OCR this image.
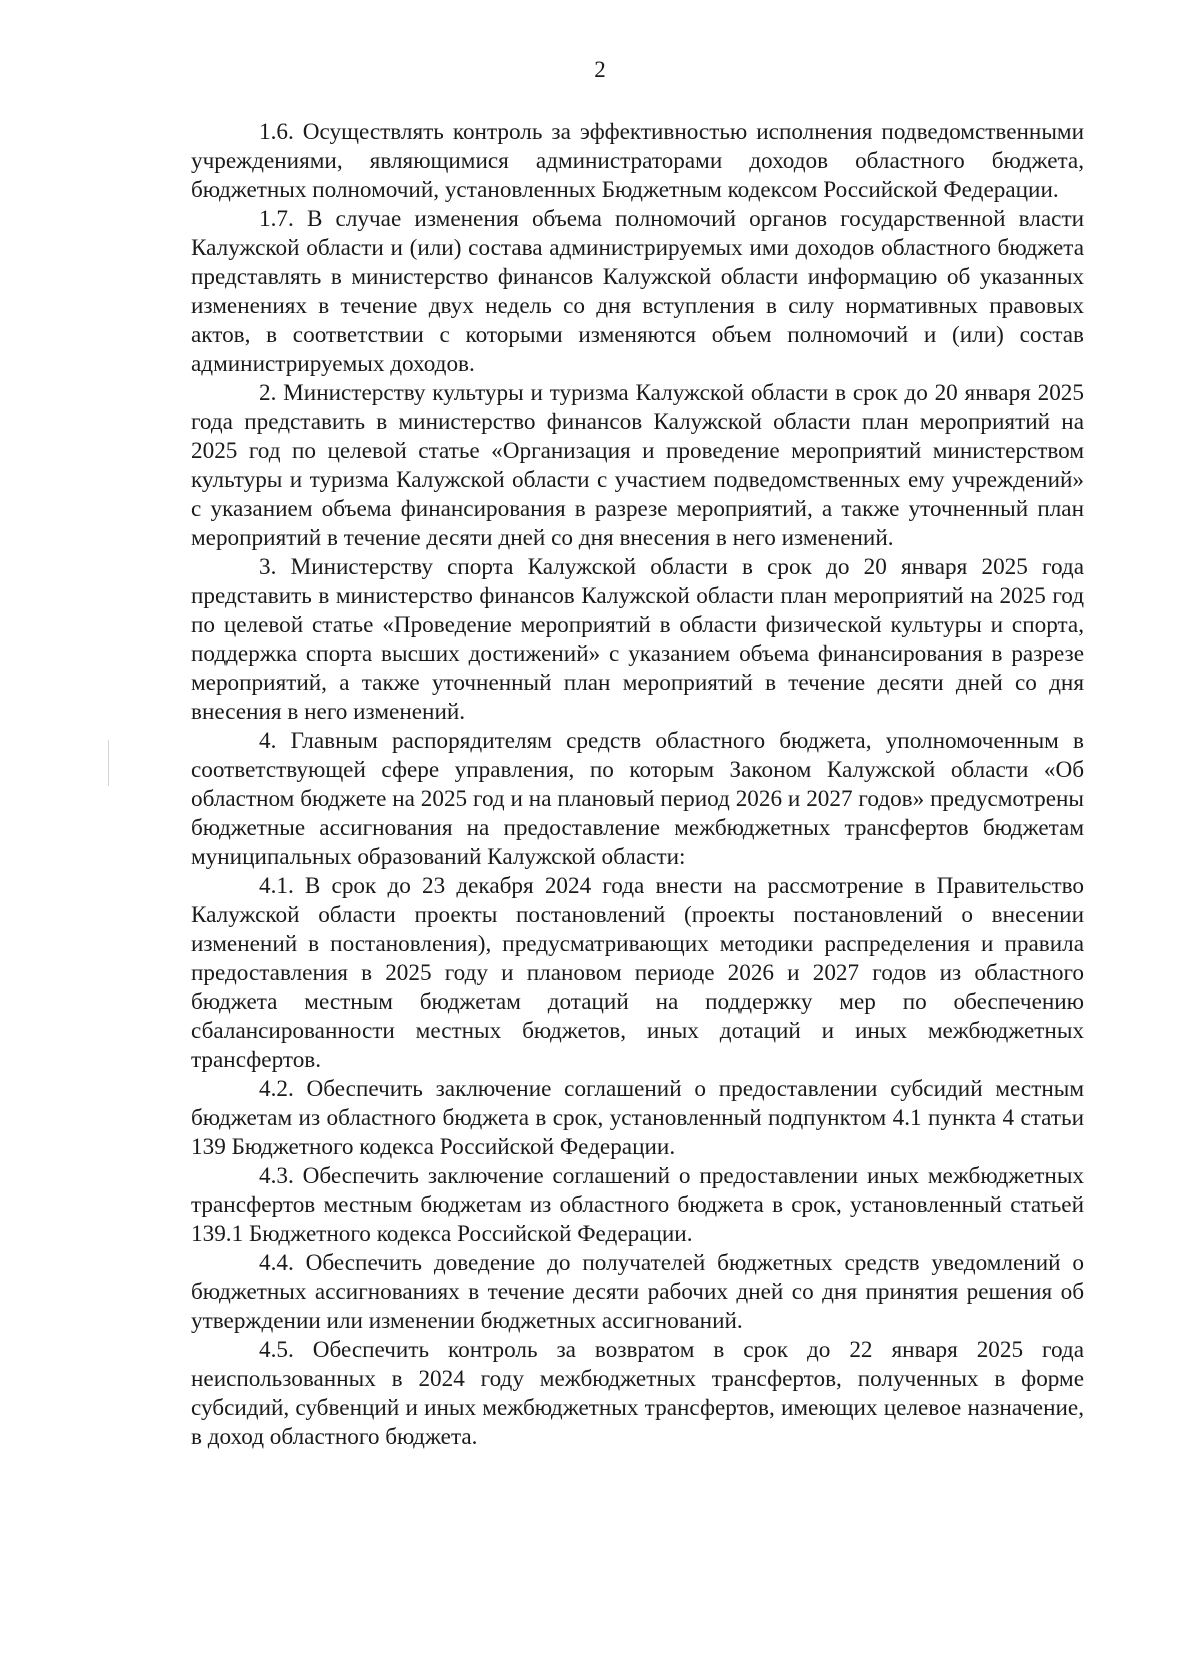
2

1.6. Осуществлять контроль за эффективностью исполнения подведомственными учреждениями, являющимися администраторами доходов областного бюджета, бюджетных полномочий, установленных Бюджетным кодексом Российской Федерации.

1.7. В случае изменения объема полномочий органов государственной власти Калужской области и (или) состава администрируемых ими доходов областного бюджета представлять в министерство финансов Калужской области информацию об указанных изменениях в течение двух недель со дня вступления в силу нормативных правовых актов, в соответствии с которыми изменяются объем полномочий и (или) состав администрируемых доходов.

2. Министерству культуры и туризма Калужской области в срок до 20 января 2025 года представить в министерство финансов Калужской области план мероприятий на 2025 год по целевой статье «Организация и проведение мероприятий министерством культуры и туризма Калужской области с участием подведомственных ему учреждений» с указанием объема финансирования в разрезе мероприятий, а также уточненный план мероприятий в течение десяти дней со дня внесения в него изменений.

3. Министерству спорта Калужской области в срок до 20 января 2025 года представить в министерство финансов Калужской области план мероприятий на 2025 год по целевой статье «Проведение мероприятий в области физической культуры и спорта, поддержка спорта высших достижений» с указанием объема финансирования в разрезе мероприятий, а также уточненный план мероприятий в течение десяти дней со дня внесения в него изменений.

4. Главным распорядителям средств областного бюджета, уполномоченным в соответствующей сфере управления, по которым Законом Калужской области «Об областном бюджете на 2025 год и на плановый период 2026 и 2027 годов» предусмотрены бюджетные ассигнования на предоставление межбюджетных трансфертов бюджетам муниципальных образований Калужской области:

4.1. В срок до 23 декабря 2024 года внести на рассмотрение в Правительство Калужской области проекты постановлений (проекты постановлений о внесении изменений в постановления), предусматривающих методики распределения и правила предоставления в 2025 году и плановом периоде 2026 и 2027 годов из областного бюджета местным бюджетам дотаций на поддержку мер по обеспечению сбалансированности местных бюджетов, иных дотаций и иных межбюджетных трансфертов.

4.2. Обеспечить заключение соглашений о предоставлении субсидий местным бюджетам из областного бюджета в срок, установленный подпунктом 4.1 пункта 4 статьи 139 Бюджетного кодекса Российской Федерации.

4.3. Обеспечить заключение соглашений о предоставлении иных межбюджетных трансфертов местным бюджетам из областного бюджета в срок, установленный статьей 139.1 Бюджетного кодекса Российской Федерации.

4.4. Обеспечить доведение до получателей бюджетных средств уведомлений о бюджетных ассигнованиях в течение десяти рабочих дней со дня принятия решения об утверждении или изменении бюджетных ассигнований.

4.5. Обеспечить контроль за возвратом в срок до 22 января 2025 года неиспользованных в 2024 году межбюджетных трансфертов, полученных в форме субсидий, субвенций и иных межбюджетных трансфертов, имеющих целевое назначение, в доход областного бюджета.
